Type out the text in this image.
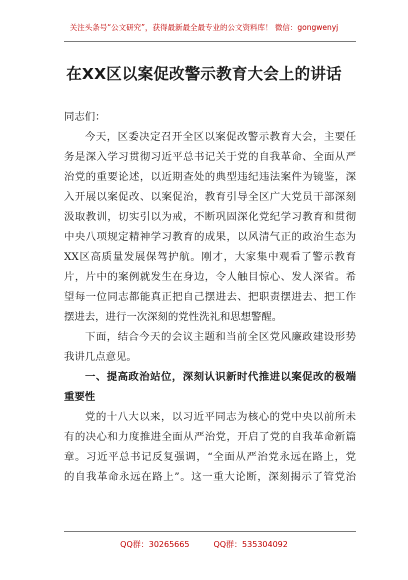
关注头条号“公文研究”，获得最新最全最专业的公文资料库！ 微信：gongwenyj
在XX区以案促改警示教育大会上的讲话
同志们：
今天，区委决定召开全区以案促改警示教育大会，主要任
务是深入学习贯彻习近平总书记关于党的自我革命、全面从严
治党的重要论述，以近期查处的典型违纪违法案件为镜鉴，深
入开展以案促改、以案促治，教育引导全区广大党员干部深刻
汲取教训，切实引以为戒，不断巩固深化党纪学习教育和贯彻
中央八项规定精神学习教育的成果，以风清气正的政治生态为
XX区高质量发展保驾护航。刚才，大家集中观看了警示教育
片，片中的案例就发生在身边，令人触目惊心、发人深省。希
望每一位同志都能真正把自己摆进去、把职责摆进去、把工作
摆进去，进行一次深刻的党性洗礼和思想警醒。
下面，结合今天的会议主题和当前全区党风廉政建设形势
我讲几点意见。
一、提高政治站位，深刻认识新时代推进以案促改的极端
重要性
党的十八大以来，以习近平同志为核心的党中央以前所未
有的决心和力度推进全面从严治党，开启了党的自我革命新篇
章。习近平总书记反复强调，“全面从严治党永远在路上，党
的自我革命永远在路上”。这一重大论断，深刻揭示了管党治
QQ群：30265665	QQ群：535304092
